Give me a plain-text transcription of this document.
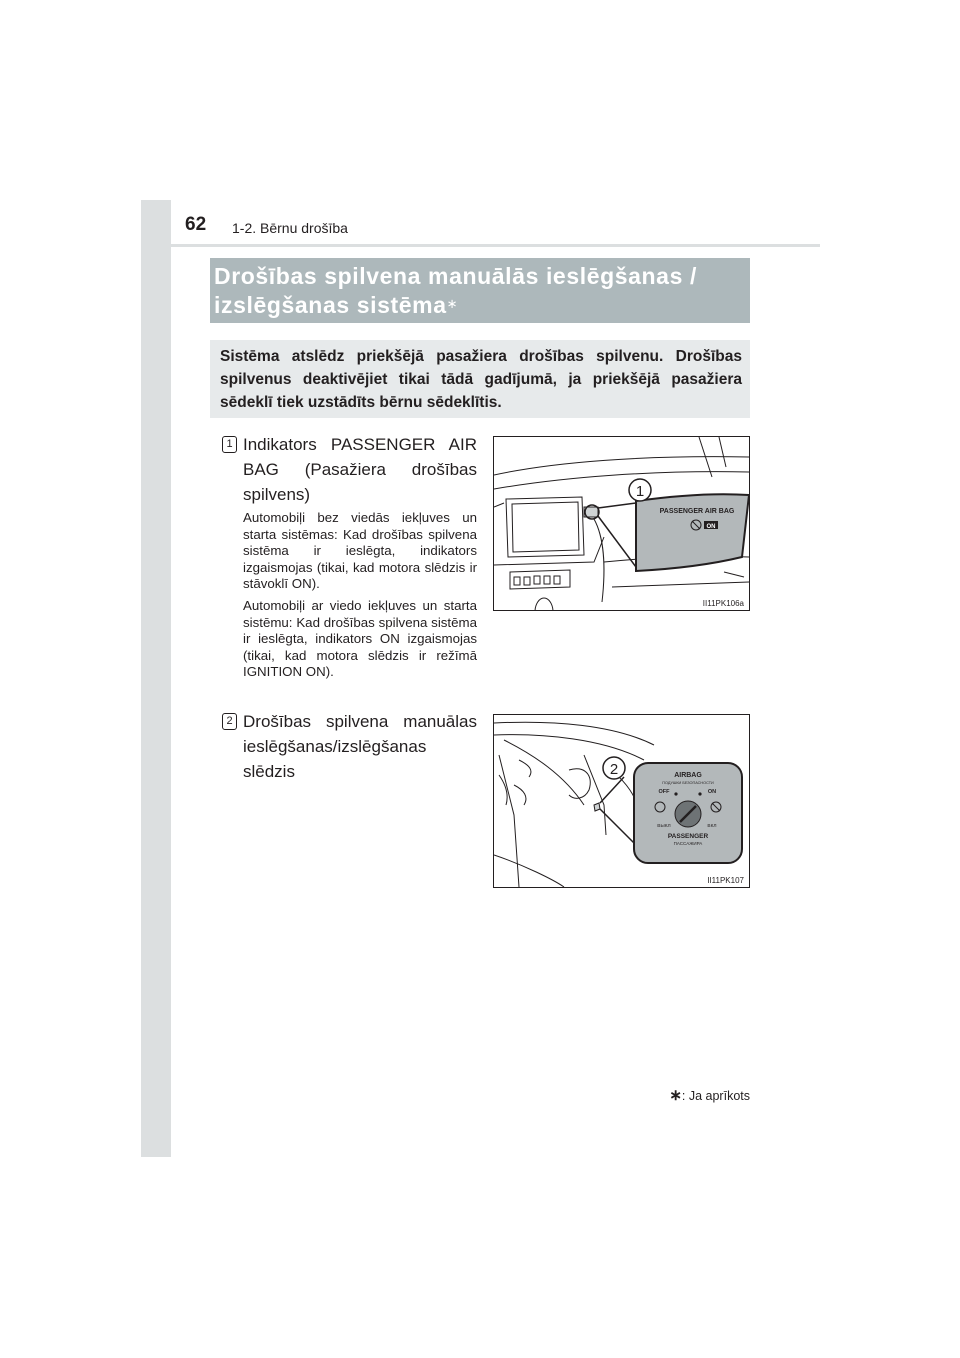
62 1-2. Bērnu drošība
Drošības spilvena manuālās ieslēgšanas /
izslēgšanas sistēma∗
Sistēma atslēdz priekšējā pasažiera drošības spilvenu. Drošības spilvenus deaktivējiet tikai tādā gadījumā, ja priekšējā pasažiera sēdeklī tiek uzstādīts bērnu sēdeklītis.
1 Indikators PASSENGER AIR BAG (Pasažiera drošības spilvens)
Automobiļi bez viedās iekļuves un starta sistēmas: Kad drošības spilvena sistēma ir ieslēgta, indikators izgaismojas (tikai, kad motora slēdzis ir stāvoklī ON).
Automobiļi ar viedo iekļuves un starta sistēmu: Kad drošības spilvena sistēma ir ieslēgta, indikators ON izgaismojas (tikai, kad motora slēdzis ir režīmā IGNITION ON).
2 Drošības spilvena manuālas ieslēgšanas/izslēgšanas slēdzis
1
PASSENGER AIR BAG
ON
II11PK106a
2	AIRBAG
ПОДУШКИ БЕЗОПАСНОСТИ
OFF	ON
ВЫКЛ	ВКЛ
PASSENGER
ПАССАЖИРА
II11PK107
∗: Ja aprīkots
